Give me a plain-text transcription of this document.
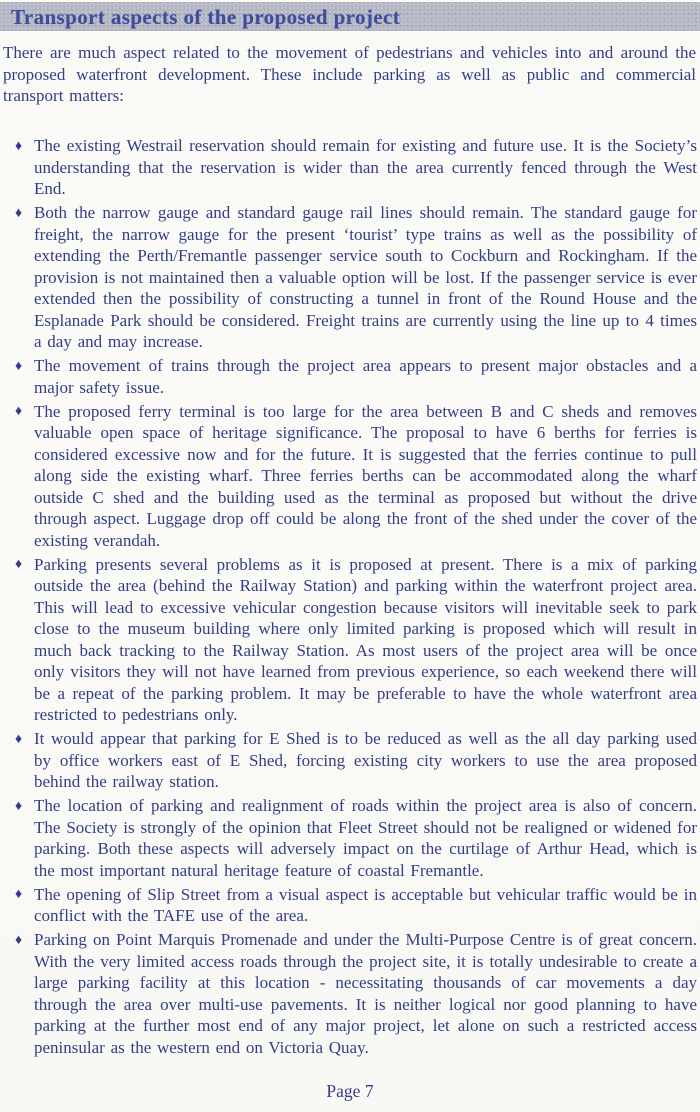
Transport aspects of the proposed project

There are much aspect related to the movement of pedestrians and vehicles into and around the proposed waterfront development. These include parking as well as public and commercial transport matters:

♦ The existing Westrail reservation should remain for existing and future use. It is the Society’s understanding that the reservation is wider than the area currently fenced through the West End.
♦ Both the narrow gauge and standard gauge rail lines should remain. The standard gauge for freight, the narrow gauge for the present ‘tourist’ type trains as well as the possibility of extending the Perth/Fremantle passenger service south to Cockburn and Rockingham. If the provision is not maintained then a valuable option will be lost. If the passenger service is ever extended then the possibility of constructing a tunnel in front of the Round House and the Esplanade Park should be considered. Freight trains are currently using the line up to 4 times a day and may increase.
♦ The movement of trains through the project area appears to present major obstacles and a major safety issue.
♦ The proposed ferry terminal is too large for the area between B and C sheds and removes valuable open space of heritage significance. The proposal to have 6 berths for ferries is considered excessive now and for the future. It is suggested that the ferries continue to pull along side the existing wharf. Three ferries berths can be accommodated along the wharf outside C shed and the building used as the terminal as proposed but without the drive through aspect. Luggage drop off could be along the front of the shed under the cover of the existing verandah.
♦ Parking presents several problems as it is proposed at present. There is a mix of parking outside the area (behind the Railway Station) and parking within the waterfront project area. This will lead to excessive vehicular congestion because visitors will inevitable seek to park close to the museum building where only limited parking is proposed which will result in much back tracking to the Railway Station. As most users of the project area will be once only visitors they will not have learned from previous experience, so each weekend there will be a repeat of the parking problem. It may be preferable to have the whole waterfront area restricted to pedestrians only.
♦ It would appear that parking for E Shed is to be reduced as well as the all day parking used by office workers east of E Shed, forcing existing city workers to use the area proposed behind the railway station.
♦ The location of parking and realignment of roads within the project area is also of concern. The Society is strongly of the opinion that Fleet Street should not be realigned or widened for parking. Both these aspects will adversely impact on the curtilage of Arthur Head, which is the most important natural heritage feature of coastal Fremantle.
♦ The opening of Slip Street from a visual aspect is acceptable but vehicular traffic would be in conflict with the TAFE use of the area.
♦ Parking on Point Marquis Promenade and under the Multi-Purpose Centre is of great concern. With the very limited access roads through the project site, it is totally undesirable to create a large parking facility at this location - necessitating thousands of car movements a day through the area over multi-use pavements. It is neither logical nor good planning to have parking at the further most end of any major project, let alone on such a restricted access peninsular as the western end on Victoria Quay.
Page 7
